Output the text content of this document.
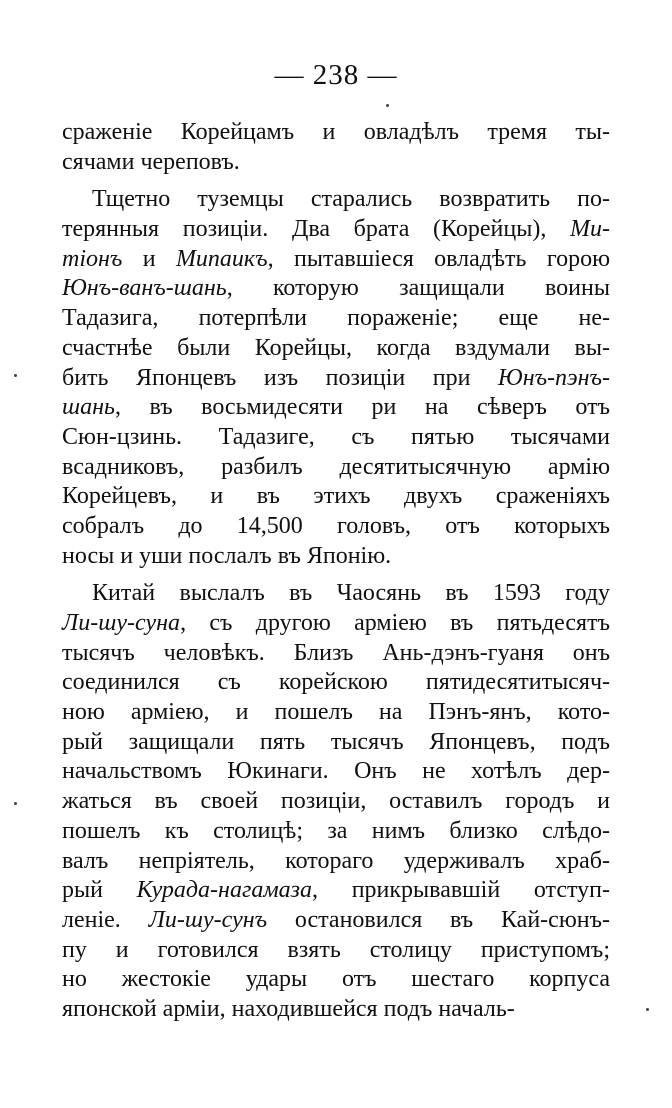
— 238 —
сраженіе Корейцамъ и овладѣлъ тремя ты-
сячами череповъ.
Тщетно туземцы старались возвратить по-
терянныя позиціи. Два брата (Корейцы), Ми-
тіонъ и Мипаикъ, пытавшіеся овладѣть горою
Юнъ-ванъ-шань, которую защищали воины
Тадазига, потерпѣли пораженіе; еще не-
счастнѣе были Корейцы, когда вздумали вы-
бить Японцевъ изъ позиціи при Юнъ-пэнъ-
шань, въ восьмидесяти ри на сѣверъ отъ
Сюн-цзинь. Тадазиге, съ пятью тысячами
всадниковъ, разбилъ десятитысячную армію
Корейцевъ, и въ этихъ двухъ сраженіяхъ
собралъ до 14,500 головъ, отъ которыхъ
носы и уши послалъ въ Японію.
Китай выслалъ въ Чаосянь въ 1593 году
Ли-шу-суна, съ другою арміею въ пятьдесятъ
тысячъ человѣкъ. Близъ Ань-дэнъ-гуаня онъ
соединился съ корейскою пятидесятитысяч-
ною арміею, и пошелъ на Пэнъ-янъ, кото-
рый защищали пять тысячъ Японцевъ, подъ
начальствомъ Юкинаги. Онъ не хотѣлъ дер-
жаться въ своей позиціи, оставилъ городъ и
пошелъ къ столицѣ; за нимъ близко слѣдо-
валъ непріятель, котораго удерживалъ храб-
рый Курада-нагамаза, прикрывавшій отступ-
леніе. Ли-шу-сунъ остановился въ Кай-сюнъ-
пу и готовился взять столицу приступомъ;
но жестокіе удары отъ шестаго корпуса
японской арміи, находившейся подъ началь-
